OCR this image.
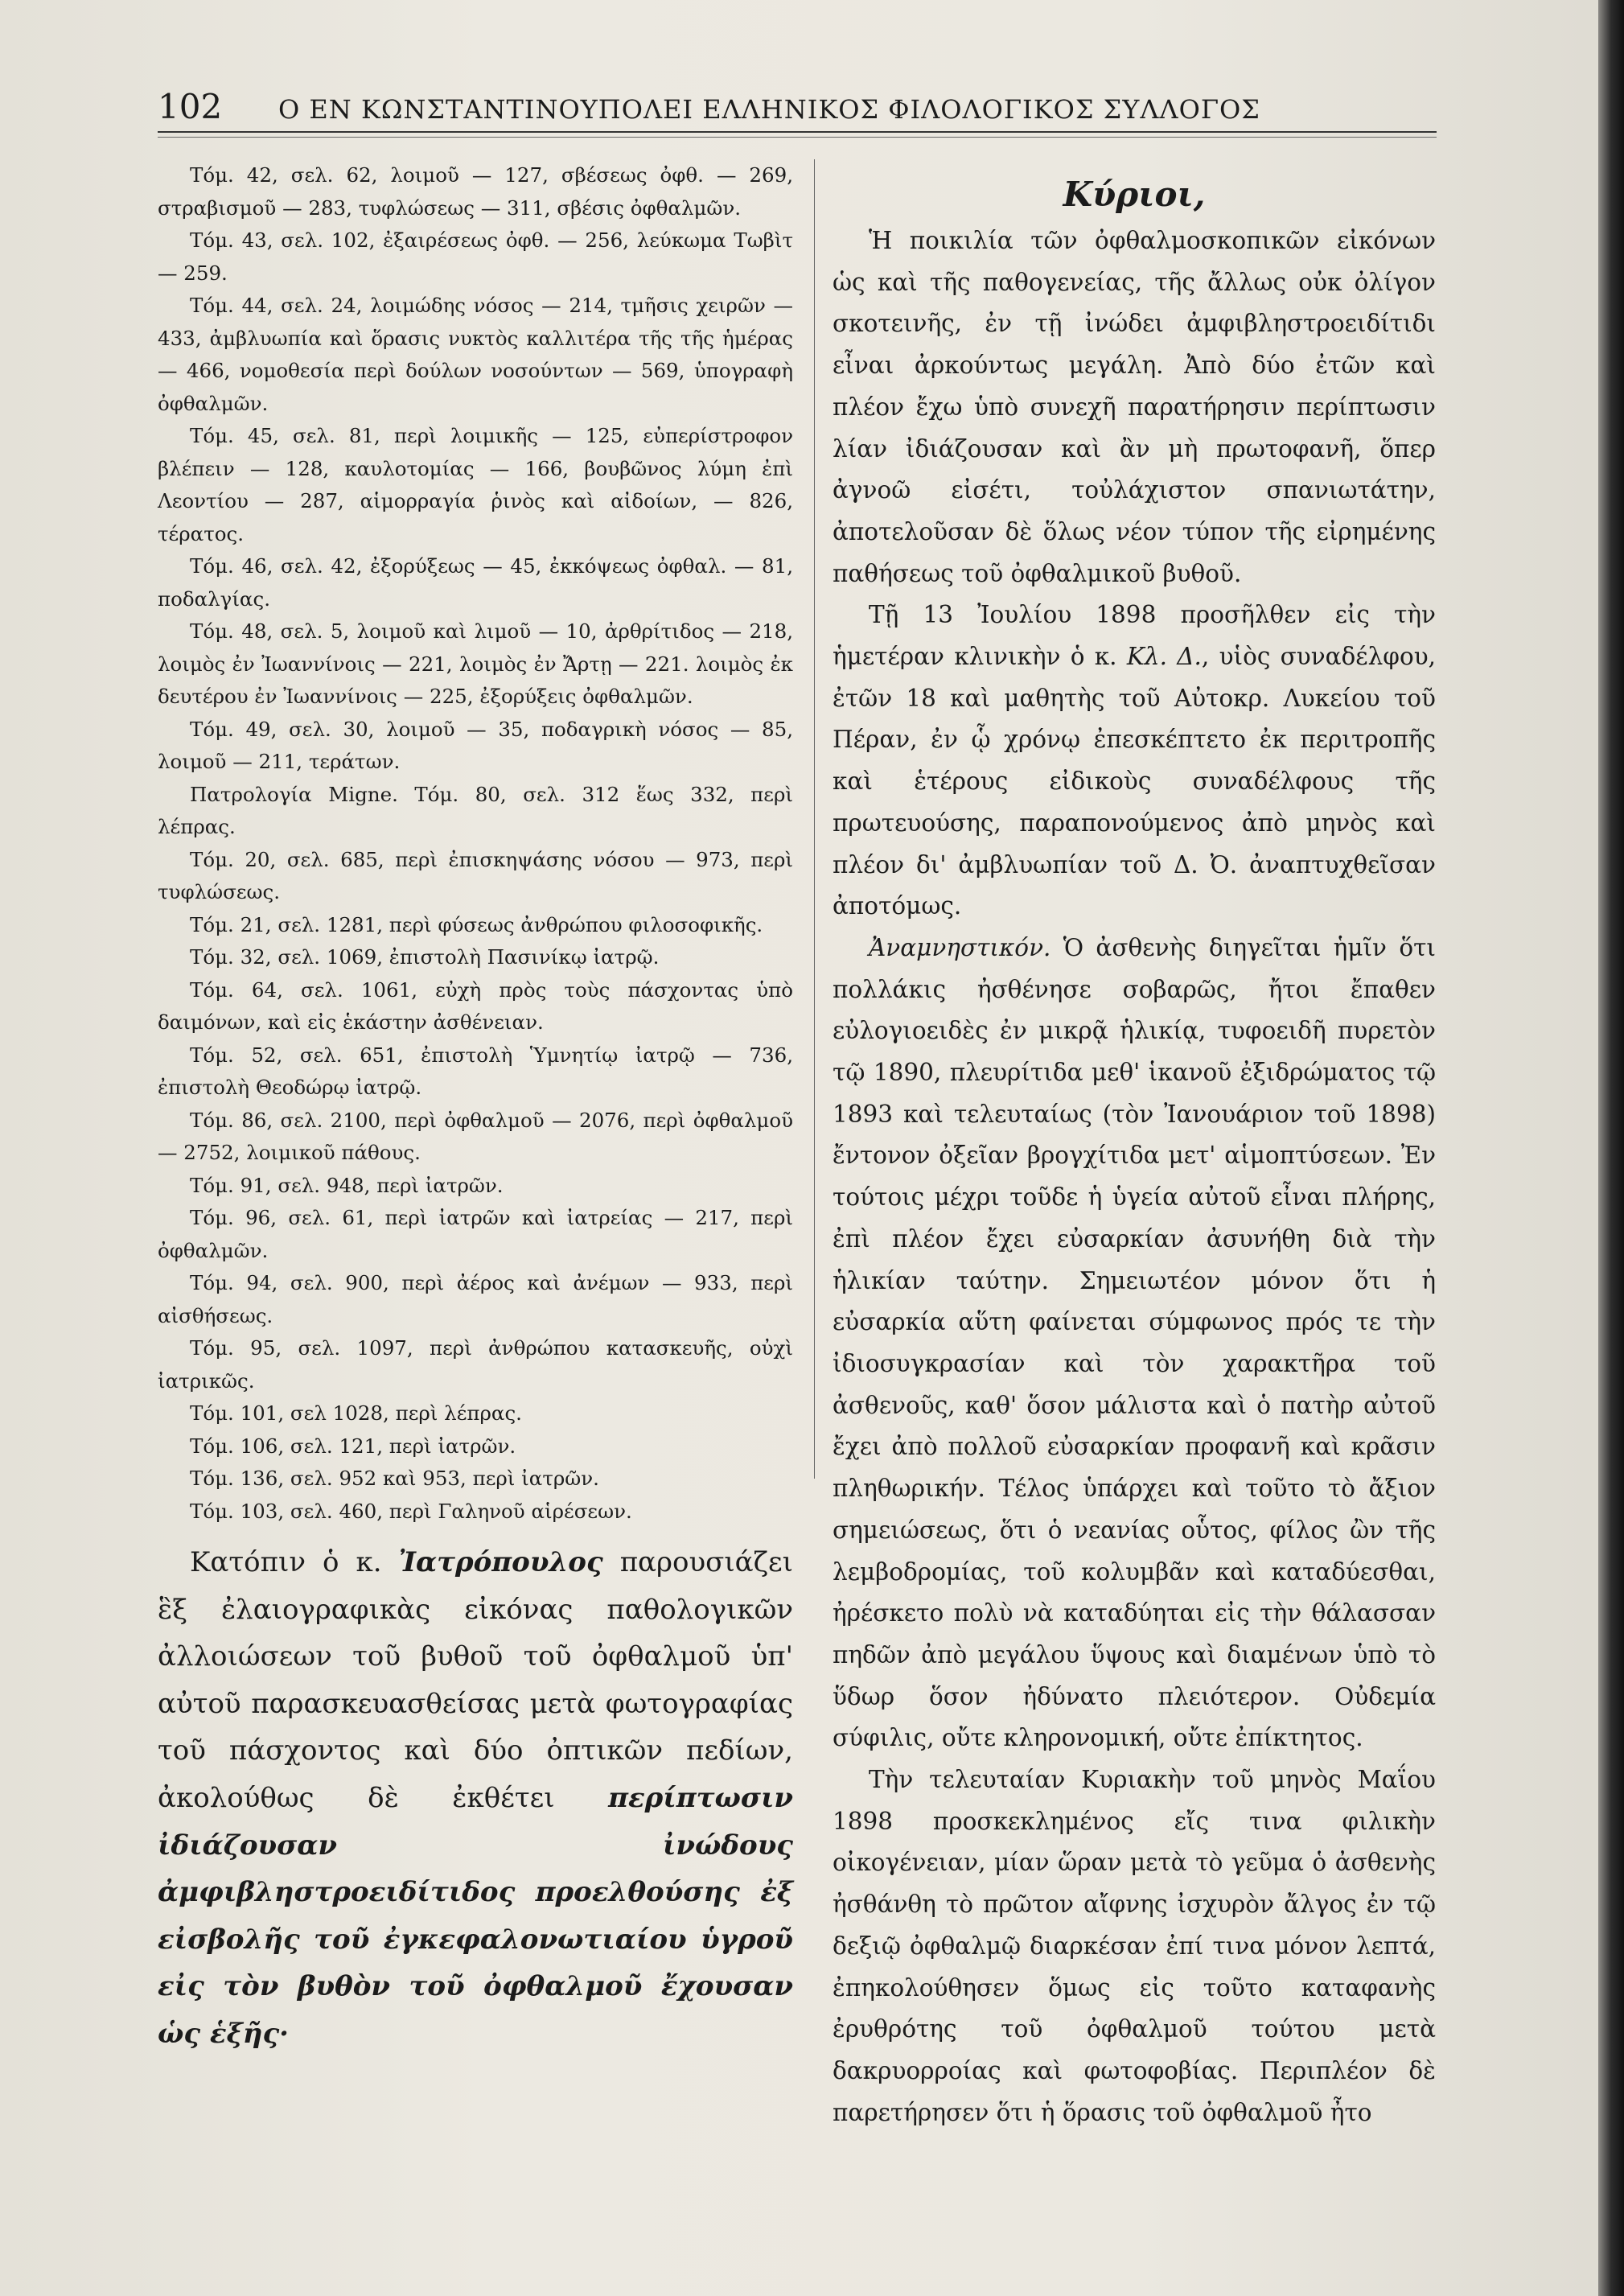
102	Ο ΕΝ ΚΩΝΣΤΑΝΤΙΝΟΥΠΟΛΕΙ ΕΛΛΗΝΙΚΟΣ ΦΙΛΟΛΟΓΙΚΟΣ ΣΥΛΛΟΓΟΣ

Τόμ. 42, σελ. 62, λοιμοῦ — 127, σβέσεως ὀφθ. — 269, στραβισμοῦ — 283, τυφλώσεως — 311, σβέσις ὀφθαλμῶν.

Τόμ. 43, σελ. 102, ἐξαιρέσεως ὀφθ. — 256, λεύκωμα Τωβὶτ — 259.

Τόμ. 44, σελ. 24, λοιμώδης νόσος — 214, τμῆσις χειρῶν — 433, ἀμβλυωπία καὶ ὅρασις νυκτὸς καλλιτέρα τῆς τῆς ἡμέρας — 466, νομοθεσία περὶ δούλων νοσούντων — 569, ὑπογραφὴ ὀφθαλμῶν.

Τόμ. 45, σελ. 81, περὶ λοιμικῆς — 125, εὐπερίστροφον βλέπειν — 128, καυλοτομίας — 166, βουβῶνος λύμη ἐπὶ Λεοντίου — 287, αἱμορραγία ῥινὸς καὶ αἰδοίων, — 826, τέρατος.

Τόμ. 46, σελ. 42, ἐξορύξεως — 45, ἐκκόψεως ὀφθαλ. — 81, ποδαλγίας.

Τόμ. 48, σελ. 5, λοιμοῦ καὶ λιμοῦ — 10, ἀρθρίτιδος — 218, λοιμὸς ἐν Ἰωαννίνοις — 221, λοιμὸς ἐν Ἄρτῃ — 221. λοιμὸς ἐκ δευτέρου ἐν Ἰωαννίνοις — 225, ἐξορύξεις ὀφθαλμῶν.

Τόμ. 49, σελ. 30, λοιμοῦ — 35, ποδαγρικὴ νόσος — 85, λοιμοῦ — 211, τεράτων.

Πατρολογία Migne. Τόμ. 80, σελ. 312 ἕως 332, περὶ λέπρας.

Τόμ. 20, σελ. 685, περὶ ἐπισκηψάσης νόσου — 973, περὶ τυφλώσεως.

Τόμ. 21, σελ. 1281, περὶ φύσεως ἀνθρώπου φιλοσοφικῆς.

Τόμ. 32, σελ. 1069, ἐπιστολὴ Πασινίκῳ ἰατρῷ.

Τόμ. 64, σελ. 1061, εὐχὴ πρὸς τοὺς πάσχοντας ὑπὸ δαιμόνων, καὶ εἰς ἑκάστην ἀσθένειαν.

Τόμ. 52, σελ. 651, ἐπιστολὴ Ὑμνητίῳ ἰατρῷ — 736, ἐπιστολὴ Θεοδώρῳ ἰατρῷ.

Τόμ. 86, σελ. 2100, περὶ ὀφθαλμοῦ — 2076, περὶ ὀφθαλμοῦ — 2752, λοιμικοῦ πάθους.

Τόμ. 91, σελ. 948, περὶ ἰατρῶν.

Τόμ. 96, σελ. 61, περὶ ἰατρῶν καὶ ἰατρείας — 217, περὶ ὀφθαλμῶν.

Τόμ. 94, σελ. 900, περὶ ἀέρος καὶ ἀνέμων — 933, περὶ αἰσθήσεως.

Τόμ. 95, σελ. 1097, περὶ ἀνθρώπου κατασκευῆς, οὐχὶ ἰατρικῶς.

Τόμ. 101, σελ 1028, περὶ λέπρας.

Τόμ. 106, σελ. 121, περὶ ἰατρῶν.

Τόμ. 136, σελ. 952 καὶ 953, περὶ ἰατρῶν.

Τόμ. 103, σελ. 460, περὶ Γαληνοῦ αἱρέσεων.

Κατόπιν ὁ κ. Ἰατρόπουλος παρουσιάζει ἓξ ἐλαιογραφικὰς εἰκόνας παθολογικῶν ἀλλοιώσεων τοῦ βυθοῦ τοῦ ὀφθαλμοῦ ὑπ' αὐτοῦ παρασκευασθείσας μετὰ φωτογραφίας τοῦ πάσχοντος καὶ δύο ὀπτικῶν πεδίων, ἀκολούθως δὲ ἐκθέτει περίπτωσιν ἰδιάζουσαν ἰνώδους ἀμφιβληστροειδίτιδος προελθούσης ἐξ εἰσβολῆς τοῦ ἐγκεφαλονωτιαίου ὑγροῦ εἰς τὸν βυθὸν τοῦ ὀφθαλμοῦ ἔχουσαν ὡς ἑξῆς·

Κύριοι,

Ἡ ποικιλία τῶν ὀφθαλμοσκοπικῶν εἰκόνων ὡς καὶ τῆς παθογενείας, τῆς ἄλλως οὐκ ὀλίγον σκοτεινῆς, ἐν τῇ ἰνώδει ἀμφιβληστροειδίτιδι εἶναι ἀρκούντως μεγάλη. Ἀπὸ δύο ἐτῶν καὶ πλέον ἔχω ὑπὸ συνεχῆ παρατήρησιν περίπτωσιν λίαν ἰδιάζουσαν καὶ ἂν μὴ πρωτοφανῆ, ὅπερ ἀγνοῶ εἰσέτι, τοὐλάχιστον σπανιωτάτην, ἀποτελοῦσαν δὲ ὅλως νέον τύπον τῆς εἰρημένης παθήσεως τοῦ ὀφθαλμικοῦ βυθοῦ.

Τῇ 13 Ἰουλίου 1898 προσῆλθεν εἰς τὴν ἡμετέραν κλινικὴν ὁ κ. Κλ. Δ., υἱὸς συναδέλφου, ἐτῶν 18 καὶ μαθητὴς τοῦ Αὐτοκρ. Λυκείου τοῦ Πέραν, ἐν ᾧ χρόνῳ ἐπεσκέπτετο ἐκ περιτροπῆς καὶ ἑτέρους εἰδικοὺς συναδέλφους τῆς πρωτευούσης, παραπονούμενος ἀπὸ μηνὸς καὶ πλέον δι' ἀμβλυωπίαν τοῦ Δ. Ὀ. ἀναπτυχθεῖσαν ἀποτόμως.

Ἀναμνηστικόν. Ὁ ἀσθενὴς διηγεῖται ἡμῖν ὅτι πολλάκις ἠσθένησε σοβαρῶς, ἤτοι ἔπαθεν εὐλογιοειδὲς ἐν μικρᾷ ἡλικίᾳ, τυφοειδῆ πυρετὸν τῷ 1890, πλευρίτιδα μεθ' ἱκανοῦ ἐξιδρώματος τῷ 1893 καὶ τελευταίως (τὸν Ἰανουάριον τοῦ 1898) ἔντονον ὀξεῖαν βρογχίτιδα μετ' αἱμοπτύσεων. Ἐν τούτοις μέχρι τοῦδε ἡ ὑγεία αὐτοῦ εἶναι πλήρης, ἐπὶ πλέον ἔχει εὐσαρκίαν ἀσυνήθη διὰ τὴν ἡλικίαν ταύτην. Σημειωτέον μόνον ὅτι ἡ εὐσαρκία αὕτη φαίνεται σύμφωνος πρός τε τὴν ἰδιοσυγκρασίαν καὶ τὸν χαρακτῆρα τοῦ ἀσθενοῦς, καθ' ὅσον μάλιστα καὶ ὁ πατὴρ αὐτοῦ ἔχει ἀπὸ πολλοῦ εὐσαρκίαν προφανῆ καὶ κρᾶσιν πληθωρικήν. Τέλος ὑπάρχει καὶ τοῦτο τὸ ἄξιον σημειώσεως, ὅτι ὁ νεανίας οὗτος, φίλος ὢν τῆς λεμβοδρομίας, τοῦ κολυμβᾶν καὶ καταδύεσθαι, ἠρέσκετο πολὺ νὰ καταδύηται εἰς τὴν θάλασσαν πηδῶν ἀπὸ μεγάλου ὕψους καὶ διαμένων ὑπὸ τὸ ὕδωρ ὅσον ἠδύνατο πλειότερον. Οὐδεμία σύφιλις, οὔτε κληρονομική, οὔτε ἐπίκτητος.

Τὴν τελευταίαν Κυριακὴν τοῦ μηνὸς Μαΐου 1898 προσκεκλημένος εἴς τινα φιλικὴν οἰκογένειαν, μίαν ὥραν μετὰ τὸ γεῦμα ὁ ἀσθενὴς ἠσθάνθη τὸ πρῶτον αἴφνης ἰσχυρὸν ἄλγος ἐν τῷ δεξιῷ ὀφθαλμῷ διαρκέσαν ἐπί τινα μόνον λεπτά, ἐπηκολούθησεν ὅμως εἰς τοῦτο καταφανὴς ἐρυθρότης τοῦ ὀφθαλμοῦ τούτου μετὰ δακρυορροίας καὶ φωτοφοβίας. Περιπλέον δὲ παρετήρησεν ὅτι ἡ ὅρασις τοῦ ὀφθαλμοῦ ἦτο
